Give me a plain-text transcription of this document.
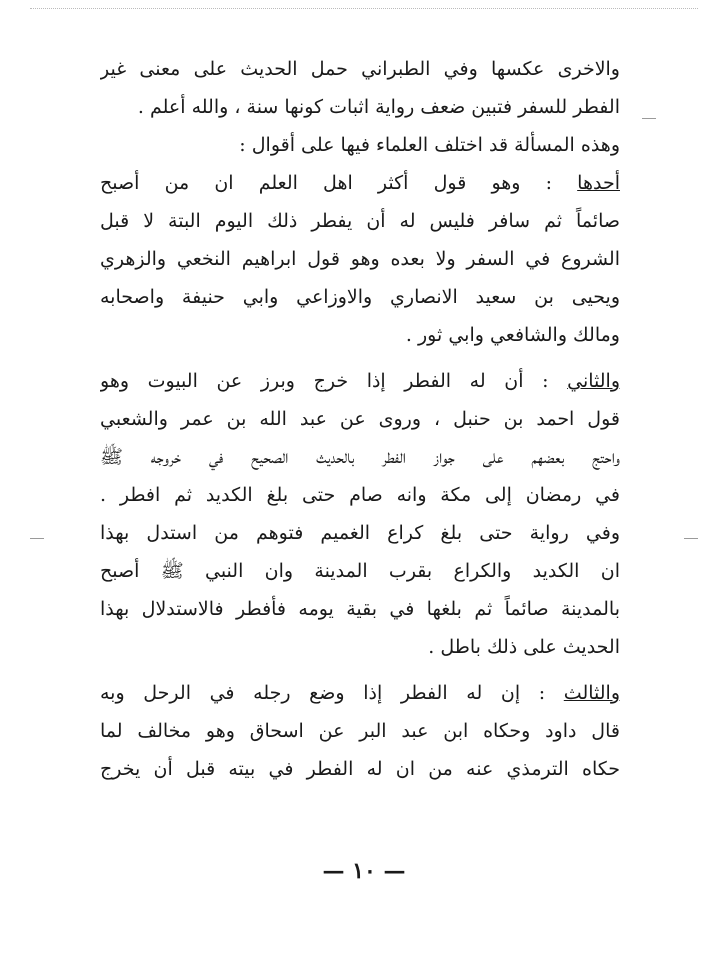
والاخرى عكسها وفي الطبراني حمل الحديث على معنى غير
الفطر للسفر فتبين ضعف رواية اثبات كونها سنة ، والله أعلم .
وهذه المسألة قد اختلف العلماء فيها على أقوال :
أحدها : وهو قول أكثر اهل العلم ان من أصبح
صائماً ثم سافر فليس له أن يفطر ذلك اليوم البتة لا قبل
الشروع في السفر ولا بعده وهو قول ابراهيم النخعي والزهري
ويحيى بن سعيد الانصاري والاوزاعي وابي حنيفة واصحابه
ومالك والشافعي وابي ثور .
والثاني : أن له الفطر إذا خرج وبرز عن البيوت وهو
قول احمد بن حنبل ، وروى عن عبد الله بن عمر والشعبي
واحتج بعضهم على جواز الفطر بالحديث الصحيح في خروجه ﷺ
في رمضان إلى مكة وانه صام حتى بلغ الكديد ثم افطر .
وفي رواية حتى بلغ كراع الغميم فتوهم من استدل بهذا
ان الكديد والكراع بقرب المدينة وان النبي ﷺ أصبح
بالمدينة صائماً ثم بلغها في بقية يومه فأفطر فالاستدلال بهذا
الحديث على ذلك باطل .
والثالث : إن له الفطر إذا وضع رجله في الرحل وبه
قال داود وحكاه ابن عبد البر عن اسحاق وهو مخالف لما
حكاه الترمذي عنه من ان له الفطر في بيته قبل أن يخرج
— ١٠ —
